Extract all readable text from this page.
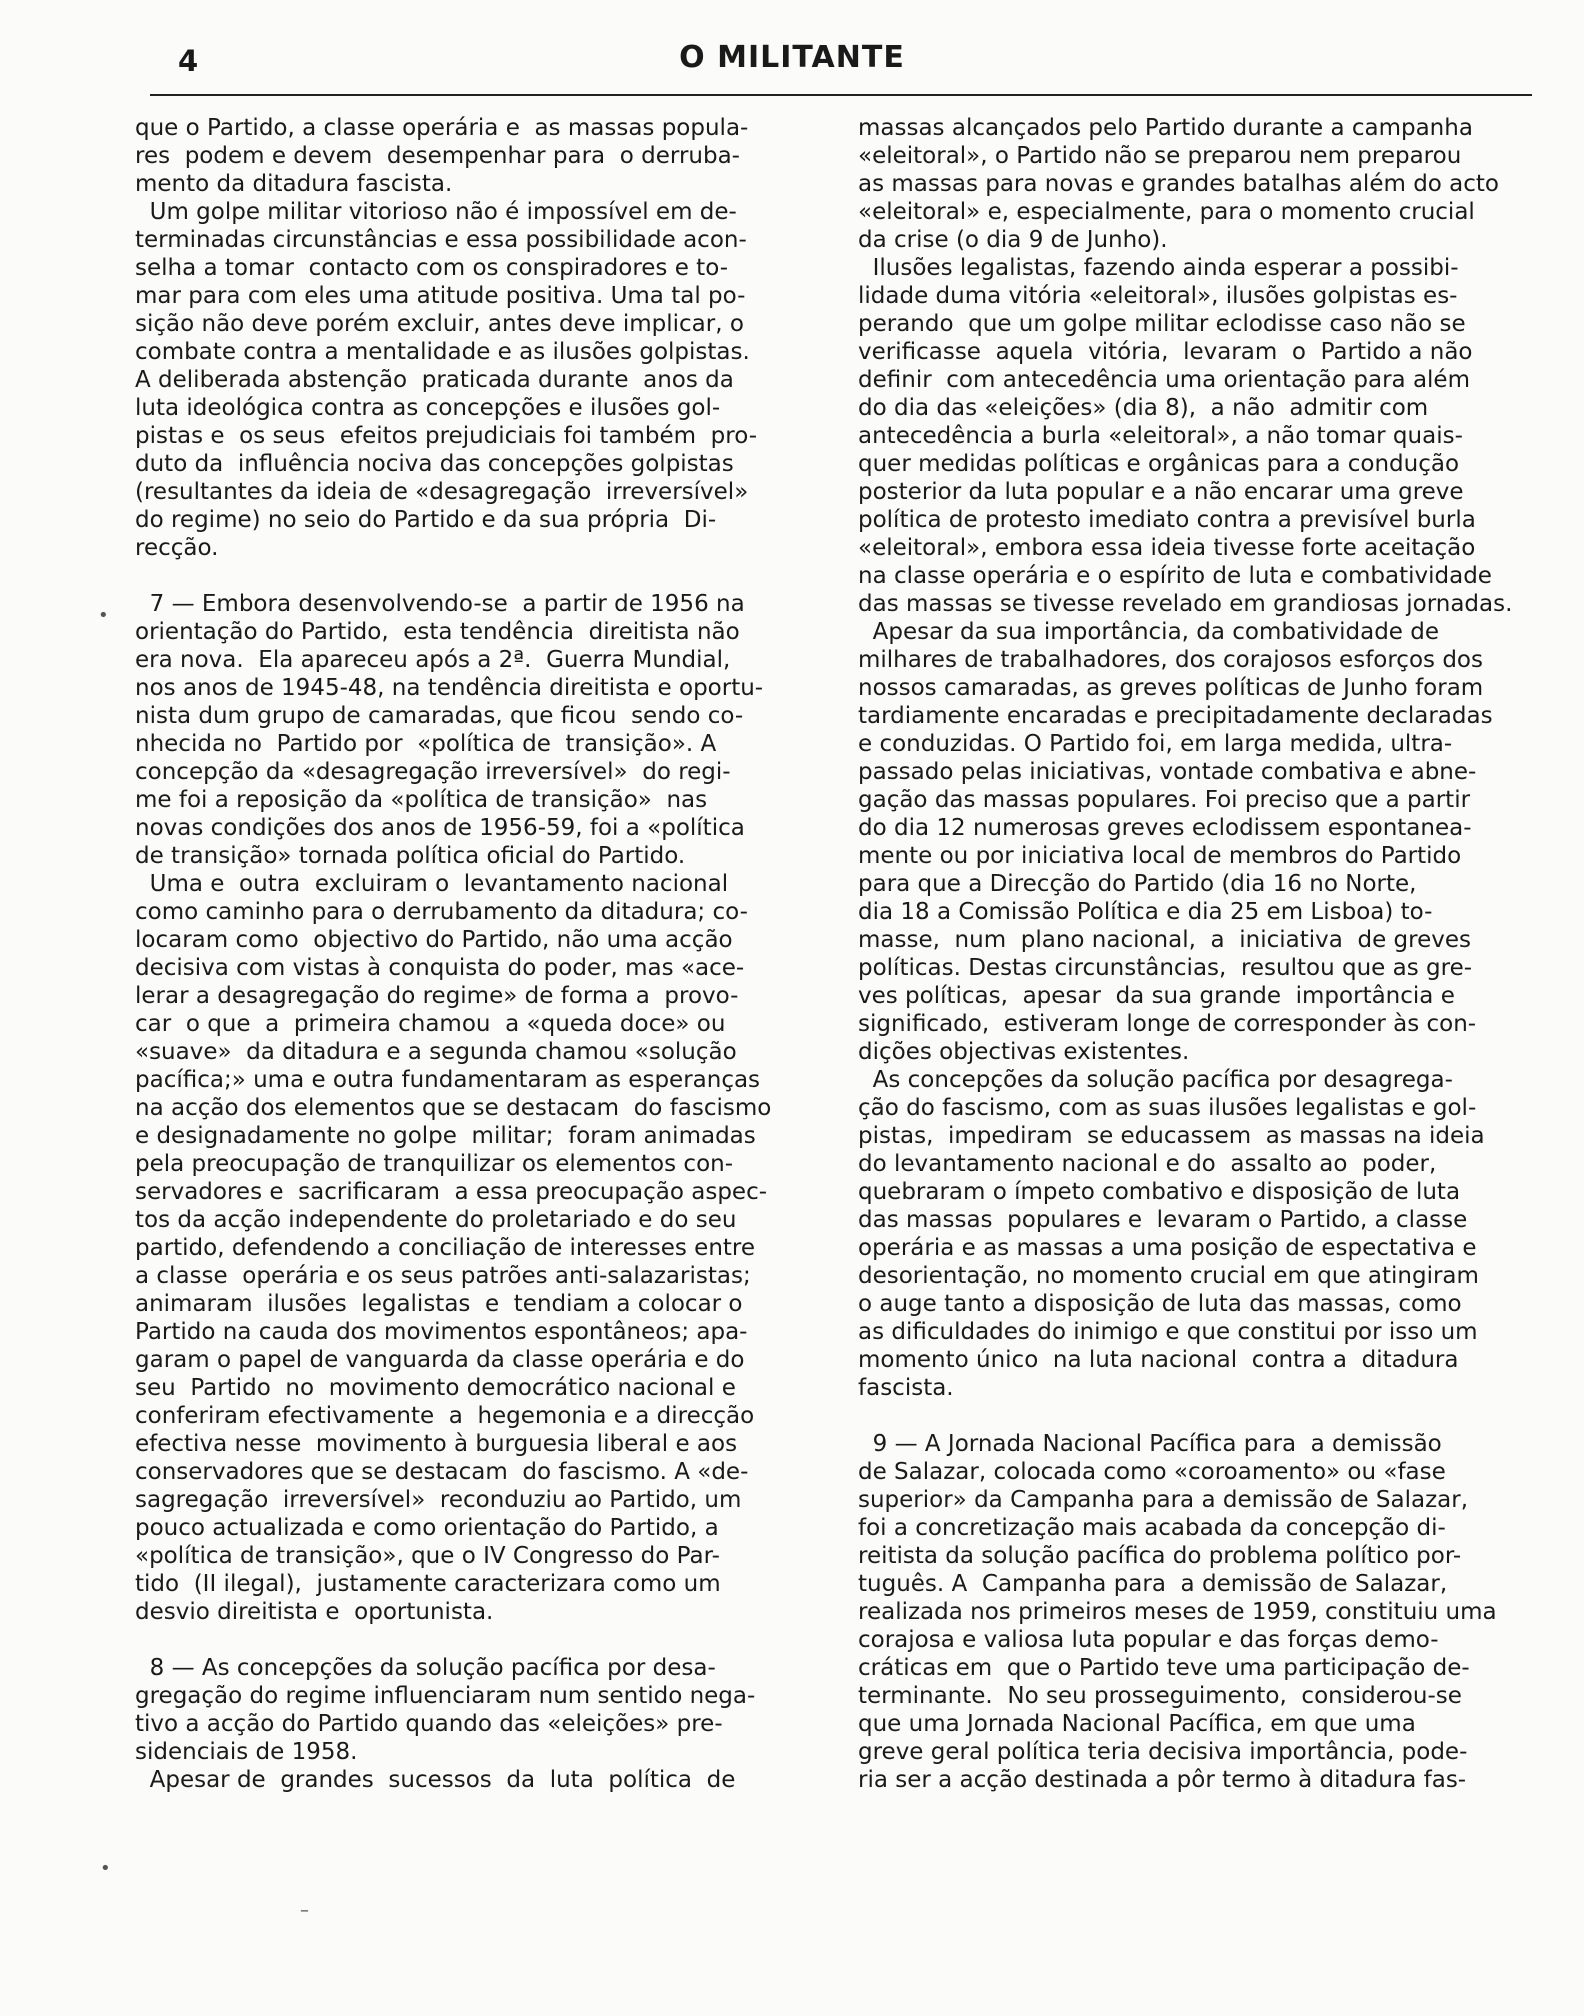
4	O MILITANTE
que o Partido, a classe operária e  as massas popula-
res  podem e devem  desempenhar para  o derruba-
mento da ditadura fascista.
Um golpe militar vitorioso não é impossível em de-
terminadas circunstâncias e essa possibilidade acon-
selha a tomar  contacto com os conspiradores e to-
mar para com eles uma atitude positiva. Uma tal po-
sição não deve porém excluir, antes deve implicar, o
combate contra a mentalidade e as ilusões golpistas.
A deliberada abstenção  praticada durante  anos da
luta ideológica contra as concepções e ilusões gol-
pistas e  os seus  efeitos prejudiciais foi também  pro-
duto da  influência nociva das concepções golpistas
(resultantes da ideia de «desagregação  irreversível»
do regime) no seio do Partido e da sua própria  Di-
recção.
7 — Embora desenvolvendo-se  a partir de 1956 na
orientação do Partido,  esta tendência  direitista não
era nova.  Ela apareceu após a 2ª.  Guerra Mundial,
nos anos de 1945-48, na tendência direitista e oportu-
nista dum grupo de camaradas, que ficou  sendo co-
nhecida no  Partido por  «política de  transição». A
concepção da «desagregação irreversível»  do regi-
me foi a reposição da «política de transição»  nas
novas condições dos anos de 1956-59, foi a «política
de transição» tornada política oficial do Partido.
Uma e  outra  excluiram o  levantamento nacional
como caminho para o derrubamento da ditadura; co-
locaram como  objectivo do Partido, não uma acção
decisiva com vistas à conquista do poder, mas «ace-
lerar a desagregação do regime» de forma a  provo-
car  o que  a  primeira chamou  a «queda doce» ou
«suave»  da ditadura e a segunda chamou «solução
pacífica;» uma e outra fundamentaram as esperanças
na acção dos elementos que se destacam  do fascismo
e designadamente no golpe  militar;  foram animadas
pela preocupação de tranquilizar os elementos con-
servadores e  sacrificaram  a essa preocupação aspec-
tos da acção independente do proletariado e do seu
partido, defendendo a conciliação de interesses entre
a classe  operária e os seus patrões anti-salazaristas;
animaram  ilusões  legalistas  e  tendiam a colocar o
Partido na cauda dos movimentos espontâneos; apa-
garam o papel de vanguarda da classe operária e do
seu  Partido  no  movimento democrático nacional e
conferiram efectivamente  a  hegemonia e a direcção
efectiva nesse  movimento à burguesia liberal e aos
conservadores que se destacam  do fascismo. A «de-
sagregação  irreversível»  reconduziu ao Partido, um
pouco actualizada e como orientação do Partido, a
«política de transição», que o IV Congresso do Par-
tido  (II ilegal),  justamente caracterizara como um
desvio direitista e  oportunista.
8 — As concepções da solução pacífica por desa-
gregação do regime influenciaram num sentido nega-
tivo a acção do Partido quando das «eleições» pre-
sidenciais de 1958.
Apesar de  grandes  sucessos  da  luta  política  de
massas alcançados pelo Partido durante a campanha
«eleitoral», o Partido não se preparou nem preparou
as massas para novas e grandes batalhas além do acto
«eleitoral» e, especialmente, para o momento crucial
da crise (o dia 9 de Junho).
Ilusões legalistas, fazendo ainda esperar a possibi-
lidade duma vitória «eleitoral», ilusões golpistas es-
perando  que um golpe militar eclodisse caso não se
verificasse  aquela  vitória,  levaram  o  Partido a não
definir  com antecedência uma orientação para além
do dia das «eleições» (dia 8),  a não  admitir com
antecedência a burla «eleitoral», a não tomar quais-
quer medidas políticas e orgânicas para a condução
posterior da luta popular e a não encarar uma greve
política de protesto imediato contra a previsível burla
«eleitoral», embora essa ideia tivesse forte aceitação
na classe operária e o espírito de luta e combatividade
das massas se tivesse revelado em grandiosas jornadas.
Apesar da sua importância, da combatividade de
milhares de trabalhadores, dos corajosos esforços dos
nossos camaradas, as greves políticas de Junho foram
tardiamente encaradas e precipitadamente declaradas
e conduzidas. O Partido foi, em larga medida, ultra-
passado pelas iniciativas, vontade combativa e abne-
gação das massas populares. Foi preciso que a partir
do dia 12 numerosas greves eclodissem espontanea-
mente ou por iniciativa local de membros do Partido
para que a Direcção do Partido (dia 16 no Norte,
dia 18 a Comissão Política e dia 25 em Lisboa) to-
masse,  num  plano nacional,  a  iniciativa  de greves
políticas. Destas circunstâncias,  resultou que as gre-
ves políticas,  apesar  da sua grande  importância e
significado,  estiveram longe de corresponder às con-
dições objectivas existentes.
As concepções da solução pacífica por desagrega-
ção do fascismo, com as suas ilusões legalistas e gol-
pistas,  impediram  se educassem  as massas na ideia
do levantamento nacional e do  assalto ao  poder,
quebraram o ímpeto combativo e disposição de luta
das massas  populares e  levaram o Partido, a classe
operária e as massas a uma posição de espectativa e
desorientação, no momento crucial em que atingiram
o auge tanto a disposição de luta das massas, como
as dificuldades do inimigo e que constitui por isso um
momento único  na luta nacional  contra a  ditadura
fascista.
9 — A Jornada Nacional Pacífica para  a demissão
de Salazar, colocada como «coroamento» ou «fase
superior» da Campanha para a demissão de Salazar,
foi a concretização mais acabada da concepção di-
reitista da solução pacífica do problema político por-
tuguês. A  Campanha para  a demissão de Salazar,
realizada nos primeiros meses de 1959, constituiu uma
corajosa e valiosa luta popular e das forças demo-
cráticas em  que o Partido teve uma participação de-
terminante.  No seu prosseguimento,  considerou-se
que uma Jornada Nacional Pacífica, em que uma
greve geral política teria decisiva importância, pode-
ria ser a acção destinada a pôr termo à ditadura fas-
•
•
–
